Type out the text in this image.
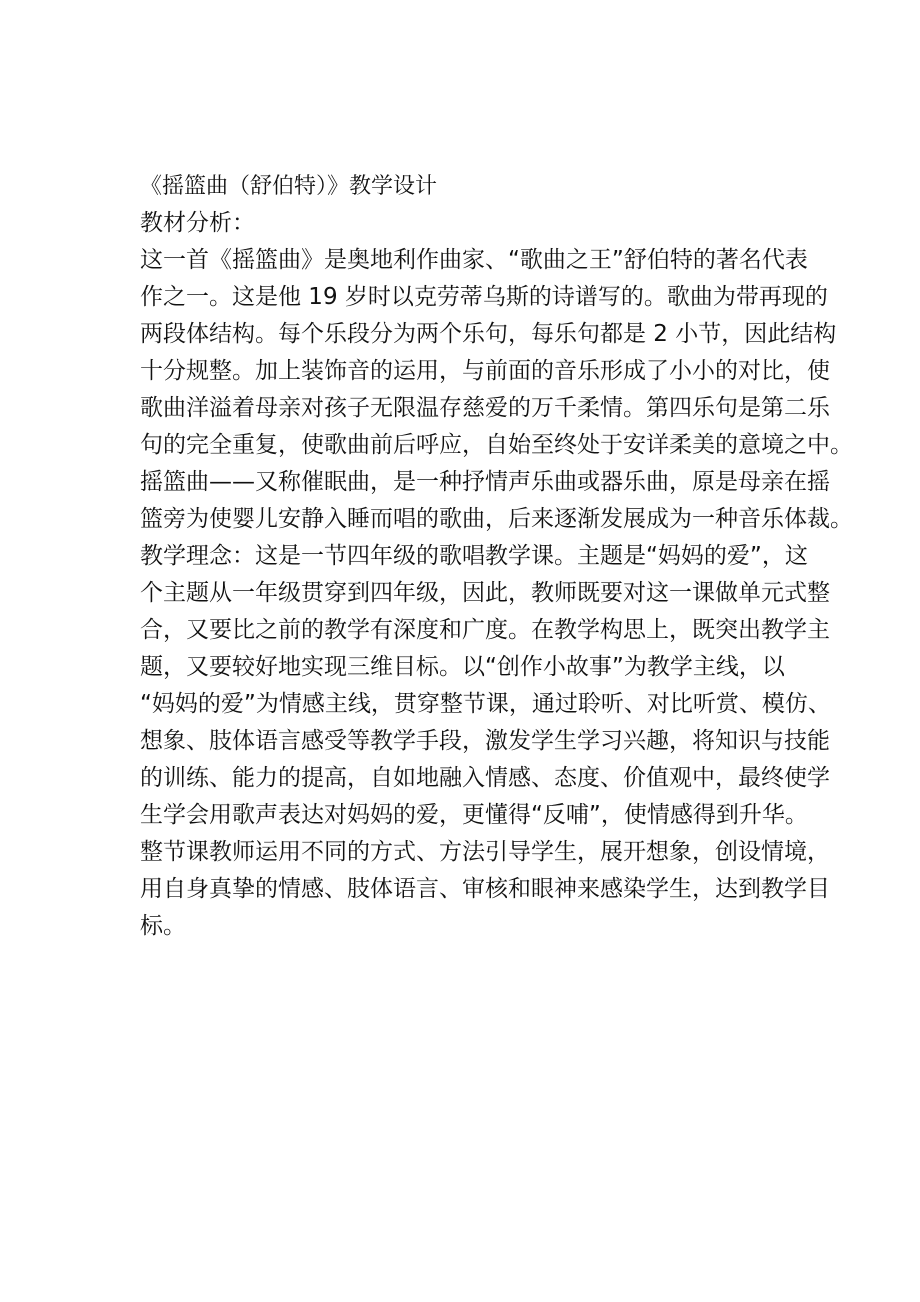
《摇篮曲（舒伯特）》教学设计
教材分析：
这一首《摇篮曲》是奥地利作曲家、“歌曲之王”舒伯特的著名代表
作之一。这是他 19 岁时以克劳蒂乌斯的诗谱写的。歌曲为带再现的
两段体结构。每个乐段分为两个乐句，每乐句都是 2 小节，因此结构
十分规整。加上装饰音的运用，与前面的音乐形成了小小的对比，使
歌曲洋溢着母亲对孩子无限温存慈爱的万千柔情。第四乐句是第二乐
句的完全重复，使歌曲前后呼应，自始至终处于安详柔美的意境之中。
摇篮曲——又称催眠曲，是一种抒情声乐曲或器乐曲，原是母亲在摇
篮旁为使婴儿安静入睡而唱的歌曲，后来逐渐发展成为一种音乐体裁。
教学理念：这是一节四年级的歌唱教学课。主题是“妈妈的爱”，这
个主题从一年级贯穿到四年级，因此，教师既要对这一课做单元式整
合，又要比之前的教学有深度和广度。在教学构思上，既突出教学主
题，又要较好地实现三维目标。以“创作小故事”为教学主线，以
“妈妈的爱”为情感主线，贯穿整节课，通过聆听、对比听赏、模仿、
想象、肢体语言感受等教学手段，激发学生学习兴趣，将知识与技能
的训练、能力的提高，自如地融入情感、态度、价值观中，最终使学
生学会用歌声表达对妈妈的爱，更懂得“反哺”，使情感得到升华。
整节课教师运用不同的方式、方法引导学生，展开想象，创设情境，
用自身真挚的情感、肢体语言、审核和眼神来感染学生，达到教学目
标。
